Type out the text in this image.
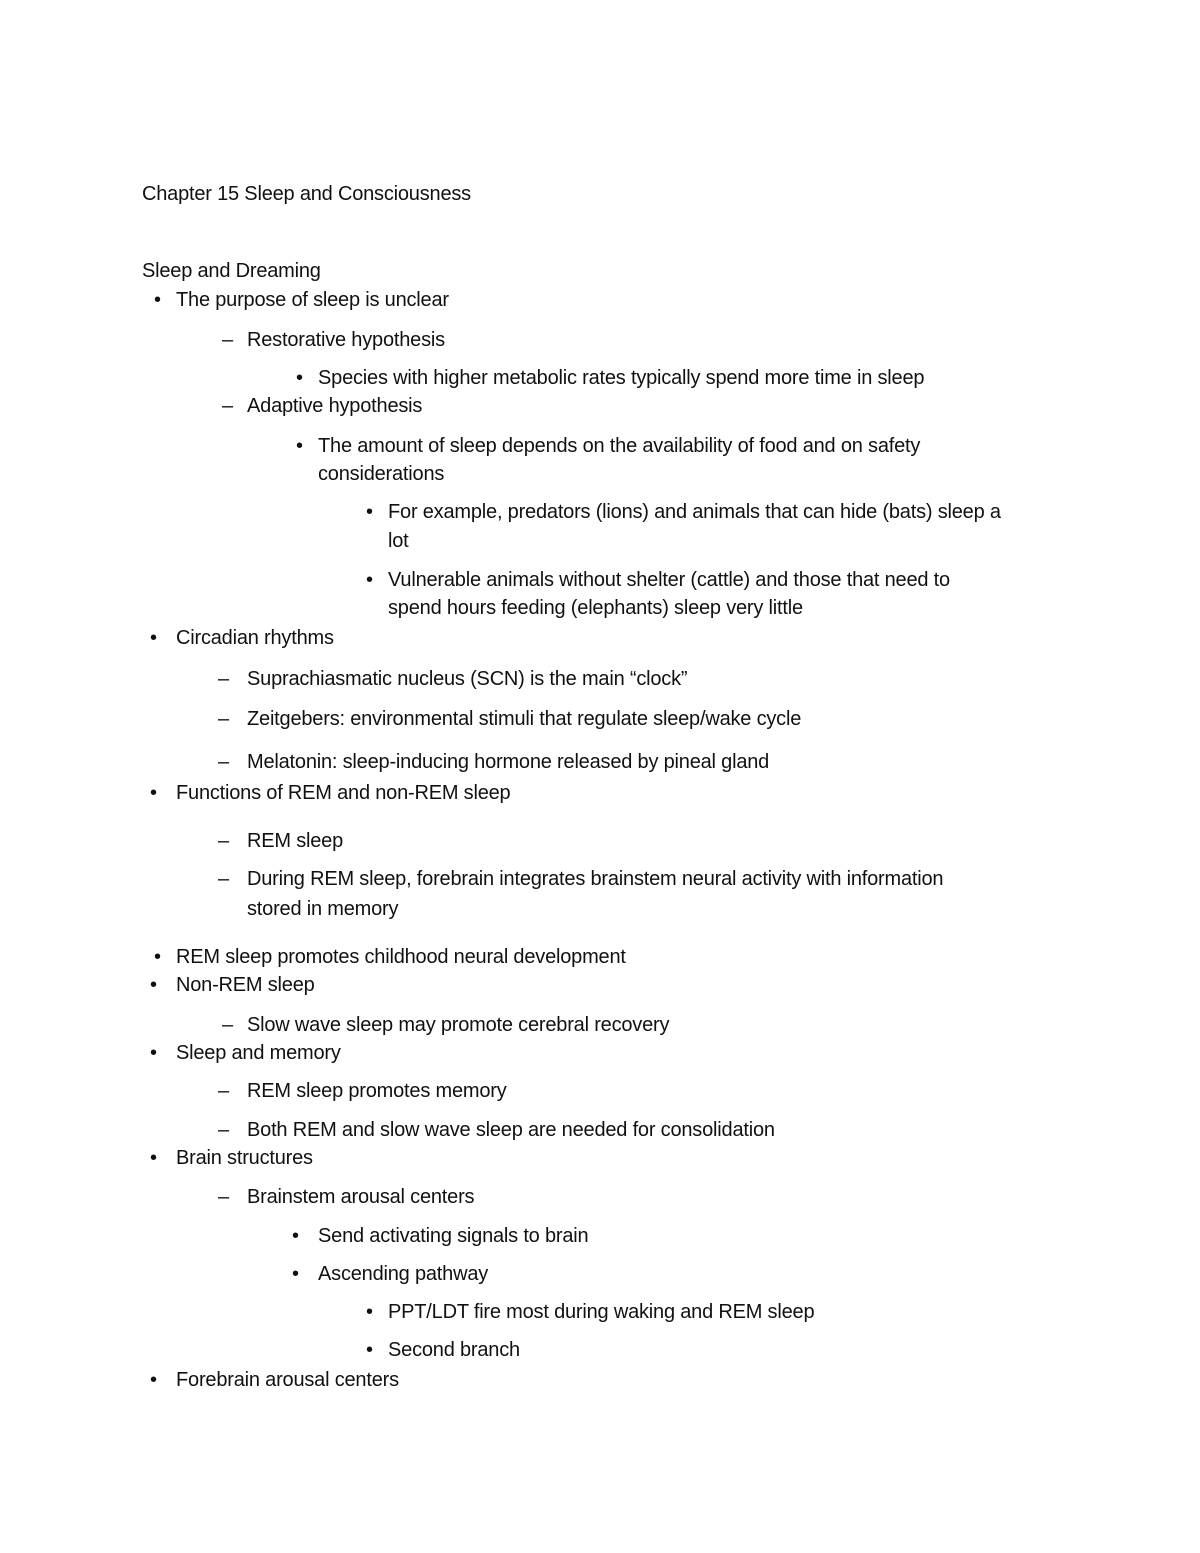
Chapter 15 Sleep and Consciousness
Sleep and Dreaming
• The purpose of sleep is unclear
– Restorative hypothesis
• Species with higher metabolic rates typically spend more time in sleep
– Adaptive hypothesis
• The amount of sleep depends on the availability of food and on safety
considerations
• For example, predators (lions) and animals that can hide (bats) sleep a
lot
• Vulnerable animals without shelter (cattle) and those that need to
spend hours feeding (elephants) sleep very little
• Circadian rhythms
– Suprachiasmatic nucleus (SCN) is the main “clock”
– Zeitgebers: environmental stimuli that regulate sleep/wake cycle
– Melatonin: sleep-inducing hormone released by pineal gland
• Functions of REM and non-REM sleep
– REM sleep
– During REM sleep, forebrain integrates brainstem neural activity with information
stored in memory
• REM sleep promotes childhood neural development
• Non-REM sleep
– Slow wave sleep may promote cerebral recovery
• Sleep and memory
– REM sleep promotes memory
– Both REM and slow wave sleep are needed for consolidation
• Brain structures
– Brainstem arousal centers
• Send activating signals to brain
• Ascending pathway
• PPT/LDT fire most during waking and REM sleep
• Second branch
• Forebrain arousal centers
